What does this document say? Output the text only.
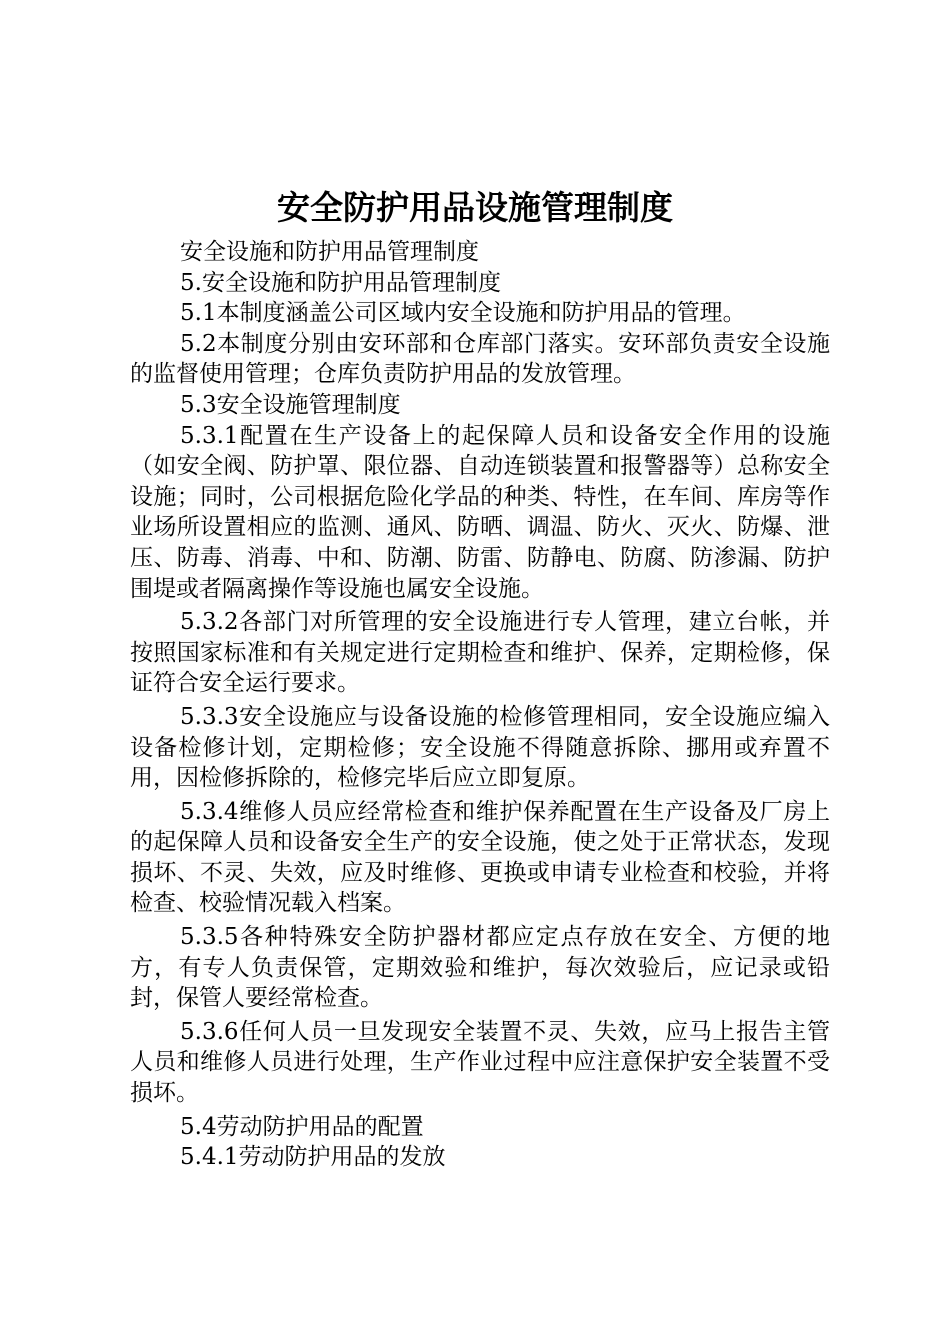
安全防护用品设施管理制度

安全设施和防护用品管理制度

5.安全设施和防护用品管理制度

5.1本制度涵盖公司区域内安全设施和防护用品的管理。

5.2本制度分别由安环部和仓库部门落实。安环部负责安全设施的监督使用管理；仓库负责防护用品的发放管理。

5.3安全设施管理制度

5.3.1配置在生产设备上的起保障人员和设备安全作用的设施（如安全阀、防护罩、限位器、自动连锁装置和报警器等）总称安全设施；同时，公司根据危险化学品的种类、特性，在车间、库房等作业场所设置相应的监测、通风、防晒、调温、防火、灭火、防爆、泄压、防毒、消毒、中和、防潮、防雷、防静电、防腐、防渗漏、防护围堤或者隔离操作等设施也属安全设施。

5.3.2各部门对所管理的安全设施进行专人管理，建立台帐，并按照国家标准和有关规定进行定期检查和维护、保养，定期检修，保证符合安全运行要求。

5.3.3安全设施应与设备设施的检修管理相同，安全设施应编入设备检修计划，定期检修；安全设施不得随意拆除、挪用或弃置不用，因检修拆除的，检修完毕后应立即复原。

5.3.4维修人员应经常检查和维护保养配置在生产设备及厂房上的起保障人员和设备安全生产的安全设施，使之处于正常状态，发现损坏、不灵、失效，应及时维修、更换或申请专业检查和校验，并将检查、校验情况载入档案。

5.3.5各种特殊安全防护器材都应定点存放在安全、方便的地方，有专人负责保管，定期效验和维护，每次效验后，应记录或铅封，保管人要经常检查。

5.3.6任何人员一旦发现安全装置不灵、失效，应马上报告主管人员和维修人员进行处理，生产作业过程中应注意保护安全装置不受损坏。

5.4劳动防护用品的配置

5.4.1劳动防护用品的发放
